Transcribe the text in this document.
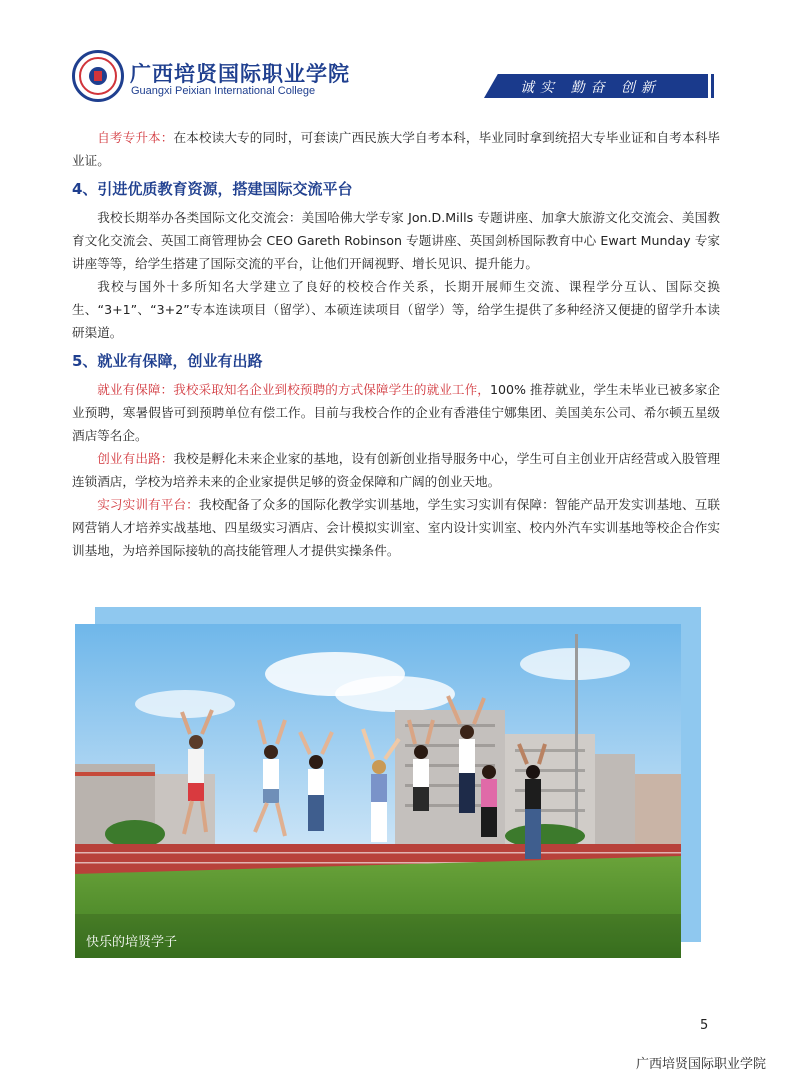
广西培贤国际职业学院
Guangxi Peixian International College	诚实 勤奋 创新

自考专升本：在本校读大专的同时，可套读广西民族大学自考本科，毕业同时拿到统招大专毕业证和自考本科毕业证。

4、引进优质教育资源，搭建国际交流平台

我校长期举办各类国际文化交流会：美国哈佛大学专家 Jon.D.Mills 专题讲座、加拿大旅游文化交流会、美国教育文化交流会、英国工商管理协会 CEO Gareth Robinson 专题讲座、英国剑桥国际教育中心 Ewart Munday 专家讲座等等，给学生搭建了国际交流的平台，让他们开阔视野、增长见识、提升能力。

我校与国外十多所知名大学建立了良好的校校合作关系，长期开展师生交流、课程学分互认、国际交换生、“3+1”、“3+2”专本连读项目（留学）、本硕连读项目（留学）等，给学生提供了多种经济又便捷的留学升本读研渠道。

5、就业有保障，创业有出路

就业有保障：我校采取知名企业到校预聘的方式保障学生的就业工作，100% 推荐就业，学生未毕业已被多家企业预聘，寒暑假皆可到预聘单位有偿工作。目前与我校合作的企业有香港佳宁娜集团、美国美东公司、希尔顿五星级酒店等名企。

创业有出路：我校是孵化未来企业家的基地，设有创新创业指导服务中心，学生可自主创业开店经营或入股管理连锁酒店，学校为培养未来的企业家提供足够的资金保障和广阔的创业天地。

实习实训有平台：我校配备了众多的国际化教学实训基地，学生实习实训有保障：智能产品开发实训基地、互联网营销人才培养实战基地、四星级实习酒店、会计模拟实训室、室内设计实训室、校内外汽车实训基地等校企合作实训基地，为培养国际接轨的高技能管理人才提供实操条件。

快乐的培贤学子
5
广西培贤国际职业学院
